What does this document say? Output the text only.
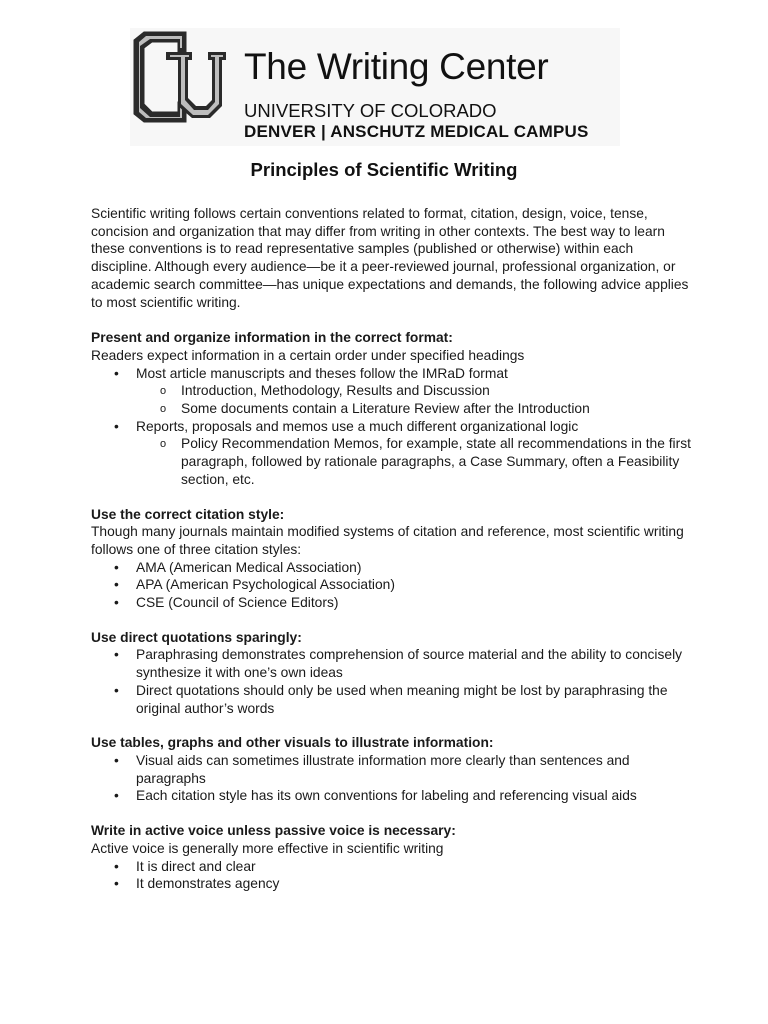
CU
The Writing Center
UNIVERSITY OF COLORADO
DENVER | ANSCHUTZ MEDICAL CAMPUS
Principles of Scientific Writing

Scientific writing follows certain conventions related to format, citation, design, voice, tense, concision and organization that may differ from writing in other contexts. The best way to learn these conventions is to read representative samples (published or otherwise) within each discipline. Although every audience—be it a peer-reviewed journal, professional organization, or academic search committee—has unique expectations and demands, the following advice applies to most scientific writing.

Present and organize information in the correct format:

Readers expect information in a certain order under specified headings

• Most article manuscripts and theses follow the IMRaD format
o Introduction, Methodology, Results and Discussion
o Some documents contain a Literature Review after the Introduction
• Reports, proposals and memos use a much different organizational logic
o Policy Recommendation Memos, for example, state all recommendations in the first paragraph, followed by rationale paragraphs, a Case Summary, often a Feasibility section, etc.
Use the correct citation style:

Though many journals maintain modified systems of citation and reference, most scientific writing follows one of three citation styles:

• AMA (American Medical Association)
• APA (American Psychological Association)
• CSE (Council of Science Editors)
Use direct quotations sparingly:
• Paraphrasing demonstrates comprehension of source material and the ability to concisely synthesize it with one’s own ideas
• Direct quotations should only be used when meaning might be lost by paraphrasing the original author’s words
Use tables, graphs and other visuals to illustrate information:
• Visual aids can sometimes illustrate information more clearly than sentences and paragraphs
• Each citation style has its own conventions for labeling and referencing visual aids
Write in active voice unless passive voice is necessary:

Active voice is generally more effective in scientific writing

• It is direct and clear
• It demonstrates agency
